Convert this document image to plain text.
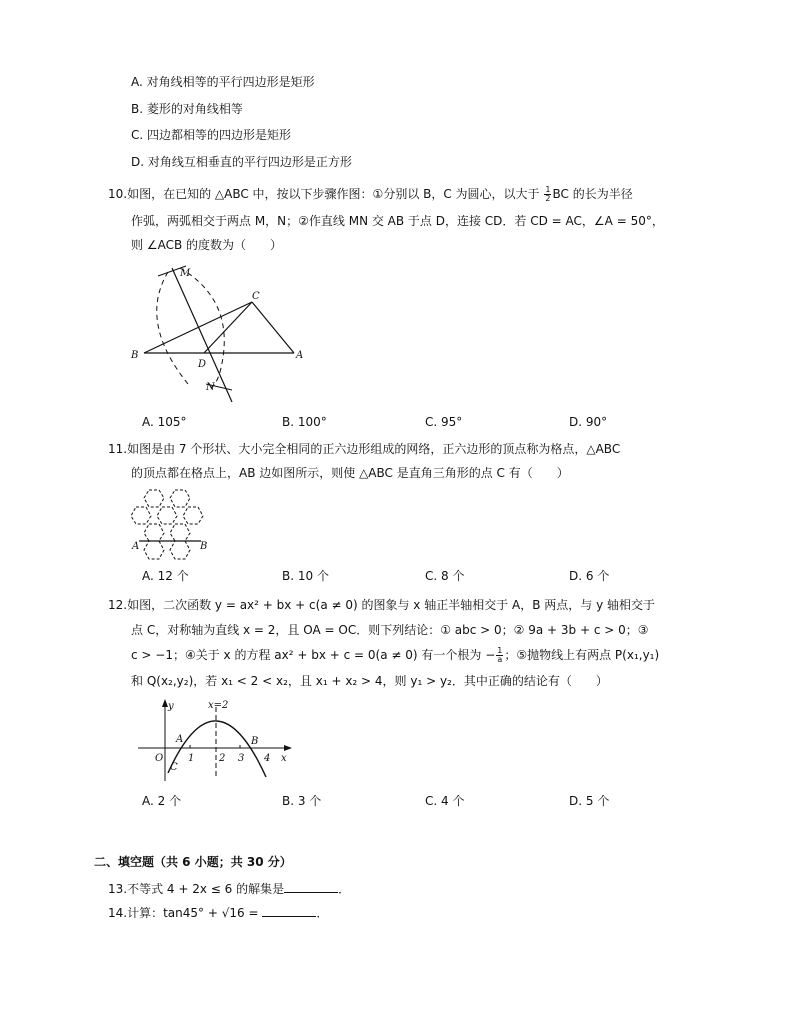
A. 对角线相等的平行四边形是矩形
B. 菱形的对角线相等
C. 四边都相等的四边形是矩形
D. 对角线互相垂直的平行四边形是正方形
10.如图，在已知的 △ABC 中，按以下步骤作图：①分别以 B，C 为圆心，以大于 $\frac{1}{2}$ BC 的长为半径
作弧，两弧相交于两点 M，N；②作直线 MN 交 AB 于点 D，连接 CD．若 CD = AC，∠A = 50°，
则 ∠ACB 的度数为（　　）
M
C
B
D
A
N
A. 105°	B. 100°	C. 95°	D. 90°
11.如图是由 7 个形状、大小完全相同的正六边形组成的网络，正六边形的顶点称为格点，△ABC
的顶点都在格点上，AB 边如图所示，则使 △ABC 是直角三角形的点 C 有（　　）
A	B
A. 12 个	B. 10 个	C. 8 个	D. 6 个
12.如图，二次函数 y = ax² + bx + c(a ≠ 0) 的图象与 x 轴正半轴相交于 A，B 两点，与 y 轴相交于
点 C，对称轴为直线 x = 2，且 OA = OC．则下列结论：① abc > 0；② 9a + 3b + c > 0；③
c > −1；④关于 x 的方程 ax² + bx + c = 0(a ≠ 0) 有一个根为 − $\frac{1}{a}$ ；⑤抛物线上有两点 P(x₁,y₁)
和 Q(x₂,y₂)，若 x₁ < 2 < x₂，且 x₁ + x₂ > 4，则 y₁ > y₂．其中正确的结论有（　　）
y	x=2
A	B
O
C
1 2 3 4 x
A. 2 个	B. 3 个	C. 4 个	D. 5 个
二、填空题（共 6 小题；共 30 分）
13.不等式 4 + 2x ≤ 6 的解集是	．
14.计算：tan45° + √16 =	．
